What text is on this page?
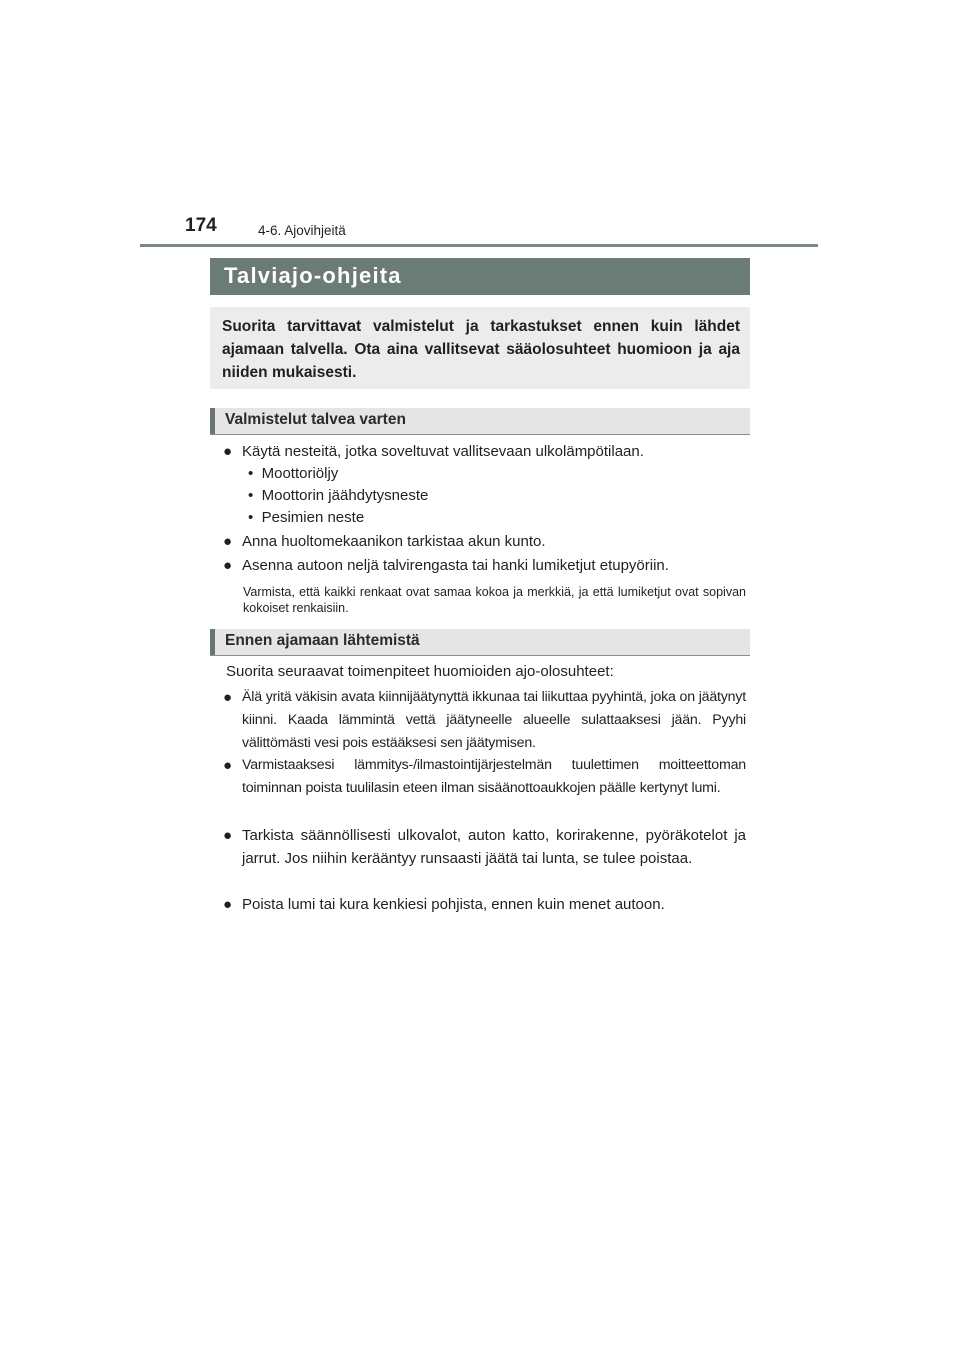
174	4-6. Ajovihjeitä
Talviajo-ohjeita
Suorita tarvittavat valmistelut ja tarkastukset ennen kuin lähdet ajamaan talvella. Ota aina vallitsevat sääolosuhteet huomioon ja aja niiden mukaisesti.
Valmistelut talvea varten
● Käytä nesteitä, jotka soveltuvat vallitsevaan ulkolämpötilaan.
• Moottoriöljy
• Moottorin jäähdytysneste
• Pesimien neste
● Anna huoltomekaanikon tarkistaa akun kunto.
● Asenna autoon neljä talvirengasta tai hanki lumiketjut etupyöriin.
Varmista, että kaikki renkaat ovat samaa kokoa ja merkkiä, ja että lumiketjut ovat sopivan kokoiset renkaisiin.
Ennen ajamaan lähtemistä
Suorita seuraavat toimenpiteet huomioiden ajo-olosuhteet:
● Älä yritä väkisin avata kiinnijäätynyttä ikkunaa tai liikuttaa pyyhintä, joka on jäätynyt kiinni. Kaada lämmintä vettä jäätyneelle alueelle sulattaaksesi jään. Pyyhi välittömästi vesi pois estääksesi sen jäätymisen.
● Varmistaaksesi lämmitys-/ilmastointijärjestelmän tuulettimen moitteettoman toiminnan poista tuulilasin eteen ilman sisäänottoaukkojen päälle kertynyt lumi.
● Tarkista säännöllisesti ulkovalot, auton katto, korirakenne, pyöräkotelot ja jarrut. Jos niihin kerääntyy runsaasti jäätä tai lunta, se tulee poistaa.
● Poista lumi tai kura kenkiesi pohjista, ennen kuin menet autoon.
